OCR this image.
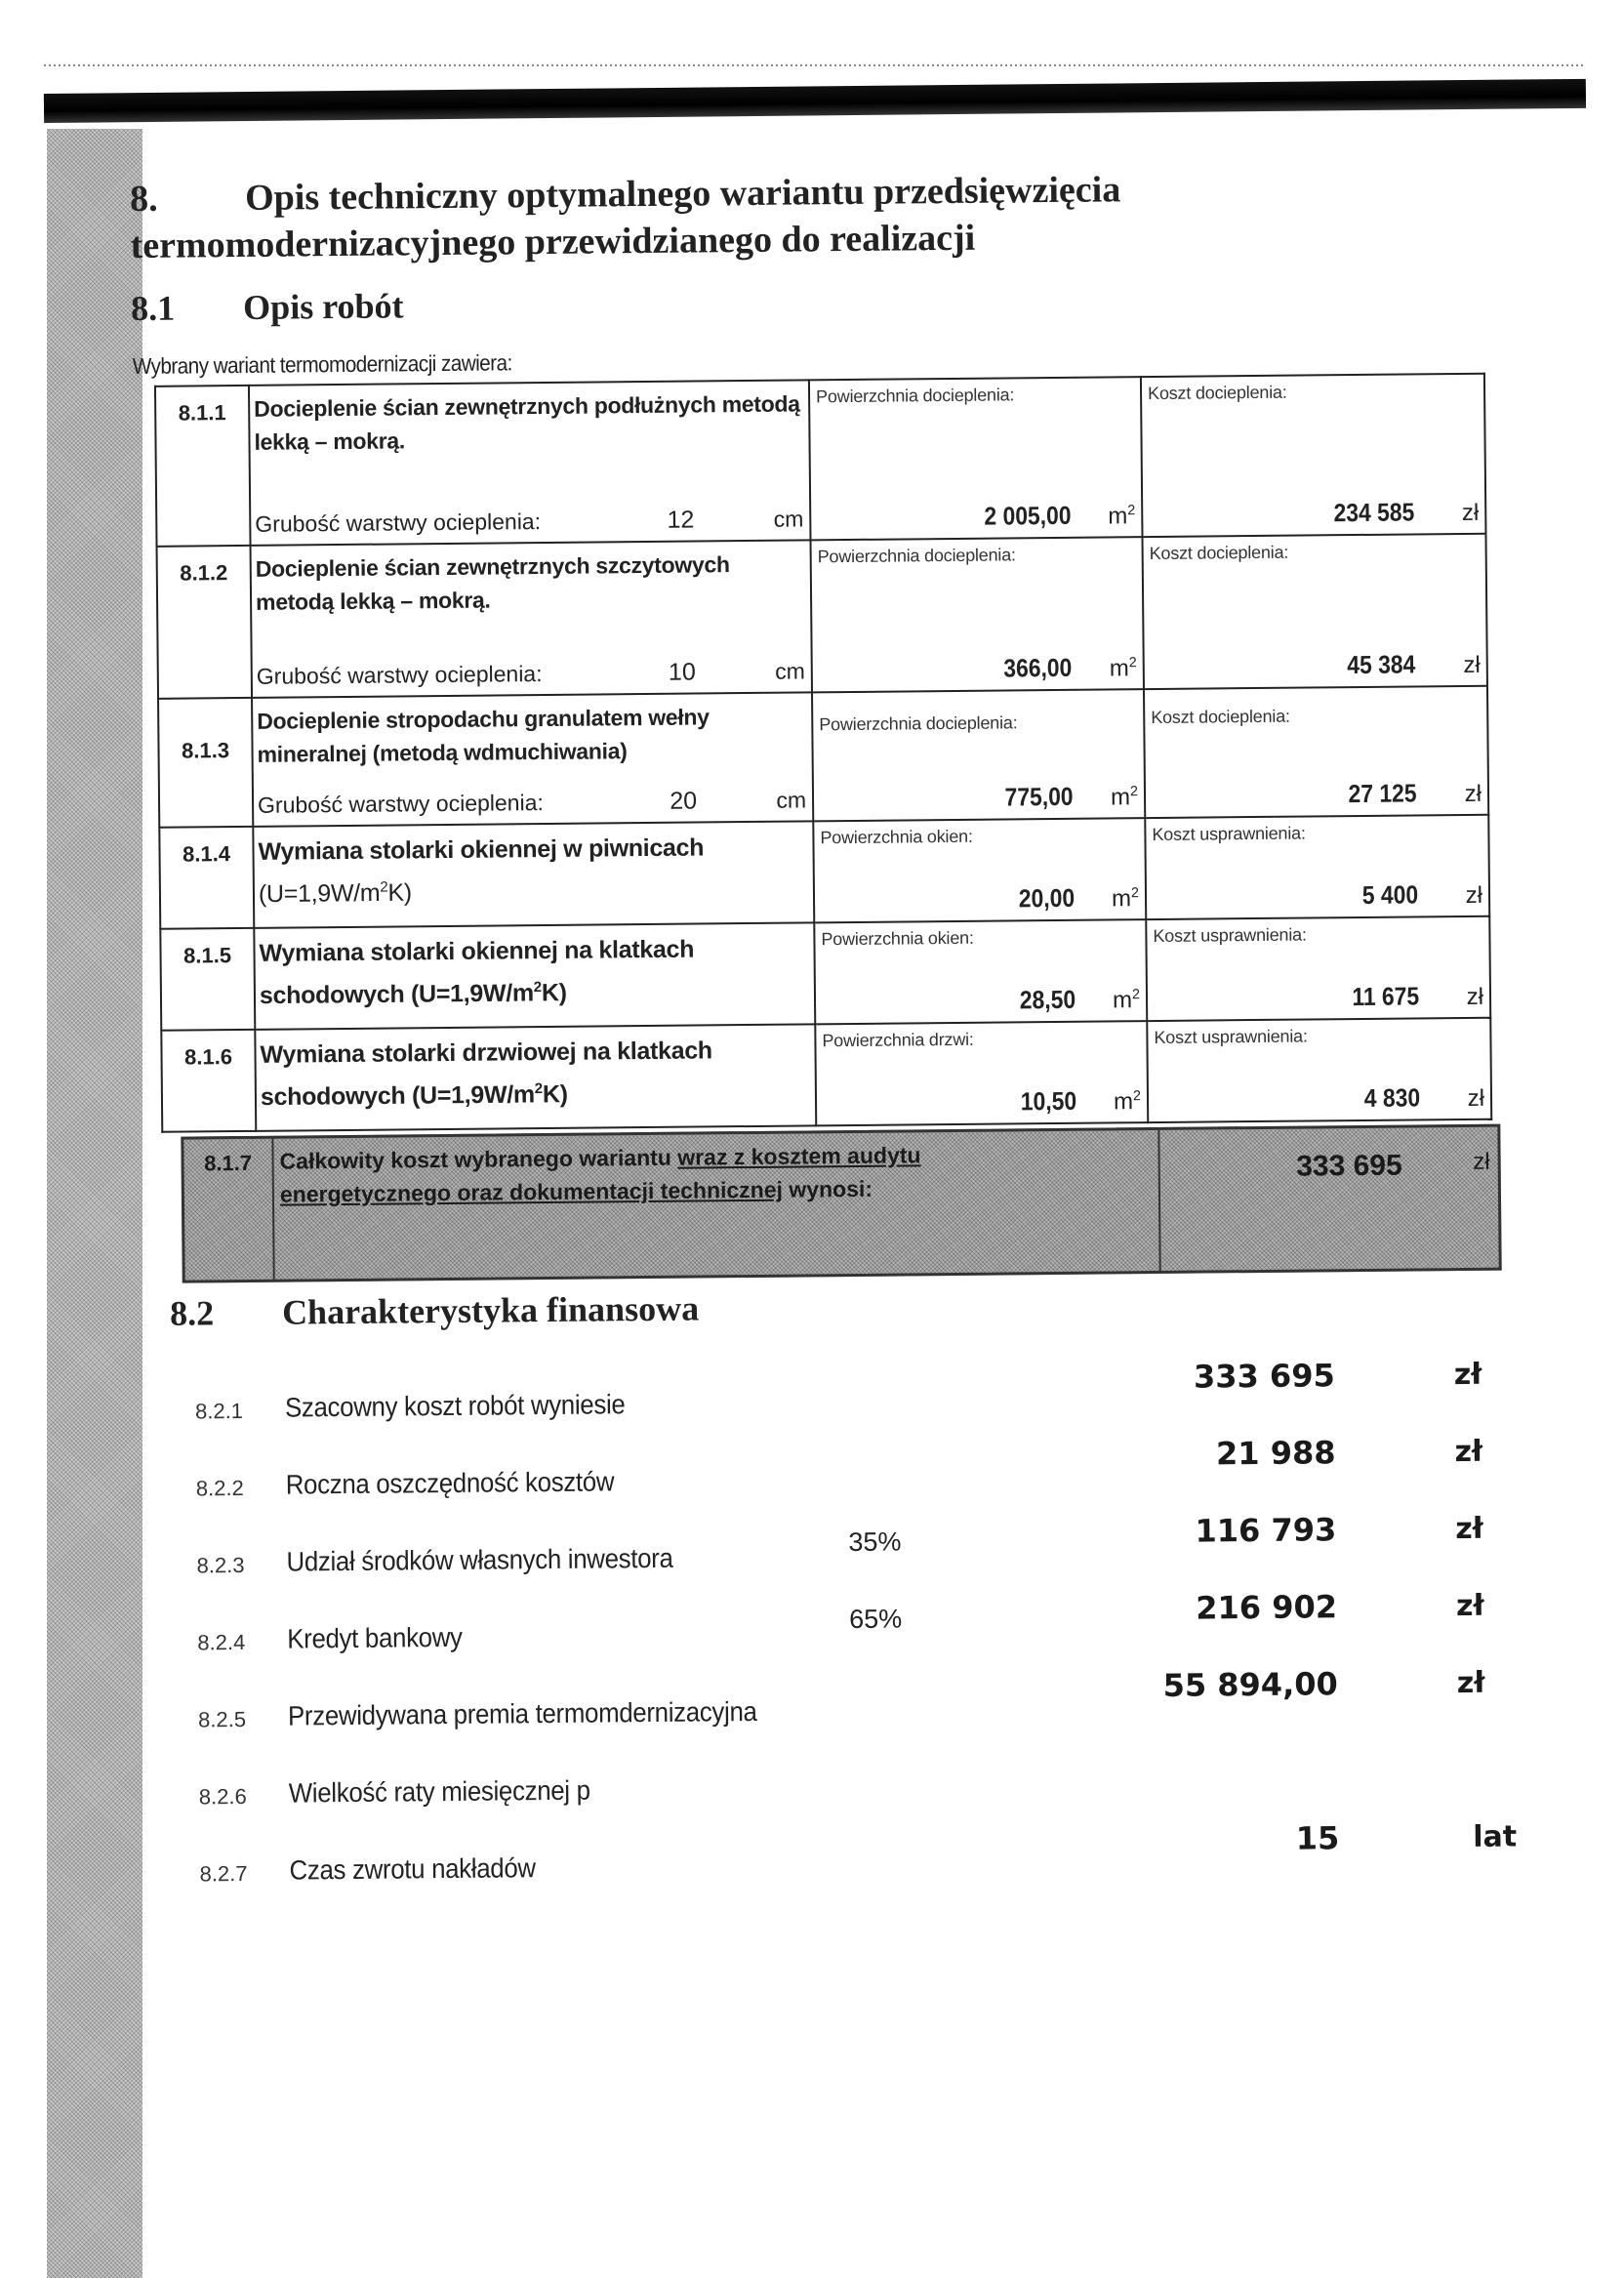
8. Opis techniczny optymalnego wariantu przedsięwzięcia termomodernizacyjnego przewidzianego do realizacji
8.1 Opis robót
Wybrany wariant termomodernizacji zawiera:
8.1.1	Docieplenie ścian zewnętrznych podłużnych metodą lekką – mokrą.
Grubość warstwy ocieplenia:	12	cm

Powierzchnia docieplenia:
2 005,00	$m^2$

Koszt docieplenia:
234 585	zł

8.1.2	Docieplenie ścian zewnętrznych szczytowych metodą lekką – mokrą.
Grubość warstwy ocieplenia:	10	cm

Powierzchnia docieplenia:
366,00	$m^2$

Koszt docieplenia:
45 384	zł

8.1.3	
Docieplenie stropodachu granulatem wełny mineralnej (metodą wdmuchiwania)
Grubość warstwy ocieplenia:	20	cm

Powierzchnia docieplenia:
775,00	$m^2$

Koszt docieplenia:
27 125	zł

8.1.4	Wymiana stolarki okiennej w piwnicach
$(U=1,9W/m^2K)$

Powierzchnia okien:
20,00	$m^2$

Koszt usprawnienia:
5 400	zł

8.1.5	Wymiana stolarki okiennej na klatkach
schodowych $(U=1,9W/m^2K)$

Powierzchnia okien:
28,50	$m^2$

Koszt usprawnienia:
11 675	zł

8.1.6	Wymiana stolarki drzwiowej na klatkach
schodowych $(U=1,9W/m^2K)$

Powierzchnia drzwi:
10,50	$m^2$

Koszt usprawnienia:
4 830	zł
8.1.7	Całkowity koszt wybranego wariantu wraz z kosztem audytu
energetycznego oraz dokumentacji technicznej wynosi:
333 695	zł
8.2 Charakterystyka finansowa
8.2.1 Szacowny koszt robót wyniesie
333 695	zł
8.2.2 Roczna oszczędność kosztów
21 988	zł
8.2.3 Udział środków własnych inwestora
35%	116 793	zł
8.2.4 Kredyt bankowy
65%	216 902	zł
8.2.5 Przewidywana premia termomdernizacyjna
55 894,00	zł
8.2.6 Wielkość raty miesięcznej p
8.2.7 Czas zwrotu nakładów
15	lat
